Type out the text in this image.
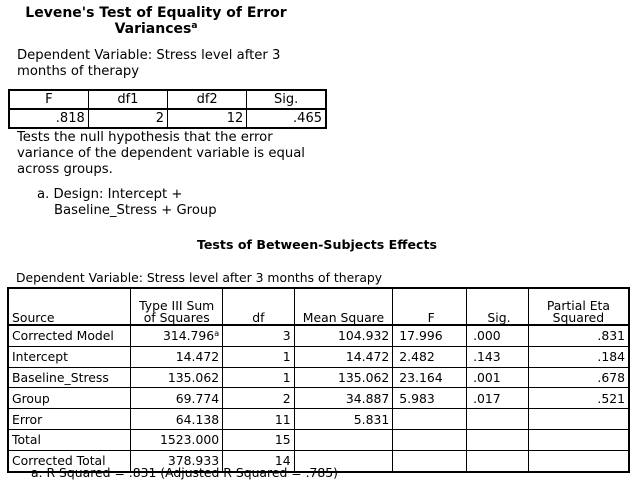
Levene's Test of Equality of Error Variances$^a$
Dependent Variable: Stress level after 3 months of therapy
F	df1	df2	Sig.
.818	2	12	.465
Tests the null hypothesis that the error variance of the dependent variable is equal across groups.
a. Design: Intercept +
Baseline_Stress + Group
Tests of Between-Subjects Effects
Dependent Variable: Stress level after 3 months of therapy
Source	Type III Sum of Squares	df	Mean Square	F	Sig.	Partial Eta Squared
Corrected Model	314.796$^a$	3	104.932	17.996	.000	.831
Intercept	14.472	1	14.472	2.482	.143	.184
Baseline_Stress	135.062	1	135.062	23.164	.001	.678
Group	69.774	2	34.887	5.983	.017	.521
Error	64.138	11	5.831			
Total	1523.000	15				
Corrected Total	378.933	14				
a. R Squared = .831 (Adjusted R Squared = .785)
